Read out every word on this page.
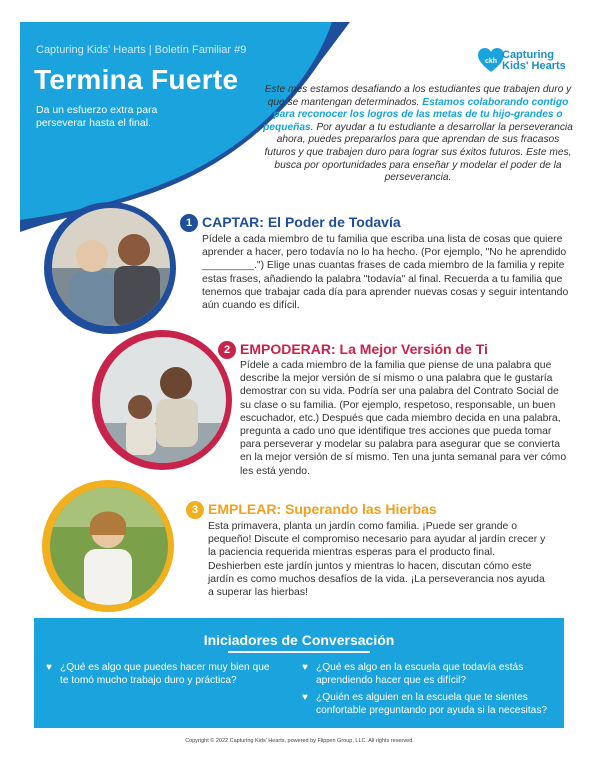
Capturing Kids' Hearts | Boletín Familiar #9
Termina Fuerte
Da un esfuerzo extra para perseverar hasta el final.
ckh
Capturing
Kids' Hearts
Este mes estamos desafiando a los estudiantes que trabajen duro y que se mantengan determinados. Estamos colaborando contigo para reconocer los logros de las metas de tu hijo-grandes o pequeñas. Por ayudar a tu estudiante a desarrollar la perseverancia ahora, puedes prepararlos para que aprendan de sus fracasos futuros y que trabajen duro para lograr sus éxitos futuros. Este mes, busca por oportunidades para enseñar y modelar el poder de la perseverancia.
1 CAPTAR: El Poder de Todavía
Pídele a cada miembro de tu familia que escriba una lista de cosas que quiere aprender a hacer, pero todavía no lo ha hecho. (Por ejemplo, "No he aprendido _________.") Elige unas cuantas frases de cada miembro de la familia y repite estas frases, añadiendo la palabra "todavía" al final. Recuerda a tu familia que tenemos que trabajar cada día para aprender nuevas cosas y seguir intentando aún cuando es difícil.
2 EMPODERAR: La Mejor Versión de Ti
Pídele a cada miembro de la familia que piense de una palabra que describe la mejor versión de sí mismo o una palabra que le gustaría demostrar con su vida. Podría ser una palabra del Contrato Social de su clase o su familia. (Por ejemplo, respetoso, responsable, un buen escuchador, etc.) Después que cada miembro decida en una palabra, pregunta a cado uno que identifique tres acciones que pueda tomar para perseverar y modelar su palabra para asegurar que se convierta en la mejor versión de sí mismo. Ten una junta semanal para ver cómo les está yendo.
3 EMPLEAR: Superando las Hierbas
Esta primavera, planta un jardín como familia. ¡Puede ser grande o pequeño! Discute el compromiso necesario para ayudar al jardín crecer y la paciencia requerida mientras esperas para el producto final. Deshierben este jardín juntos y mientras lo hacen, discutan cómo este jardín es como muchos desafíos de la vida. ¡La perseverancia nos ayuda a superar las hierbas!
Iniciadores de Conversación
♥ ¿Qué es algo que puedes hacer muy bien que te tomó mucho trabajo duro y práctica?
♥ ¿Qué es algo en la escuela que todavía estás aprendiendo hacer que es difícil?
♥ ¿Quién es alguien en la escuela que te sientes confortable preguntando por ayuda si la necesitas?
Copyright © 2022 Capturing Kids' Hearts, powered by Flippen Group, LLC. All rights reserved.
